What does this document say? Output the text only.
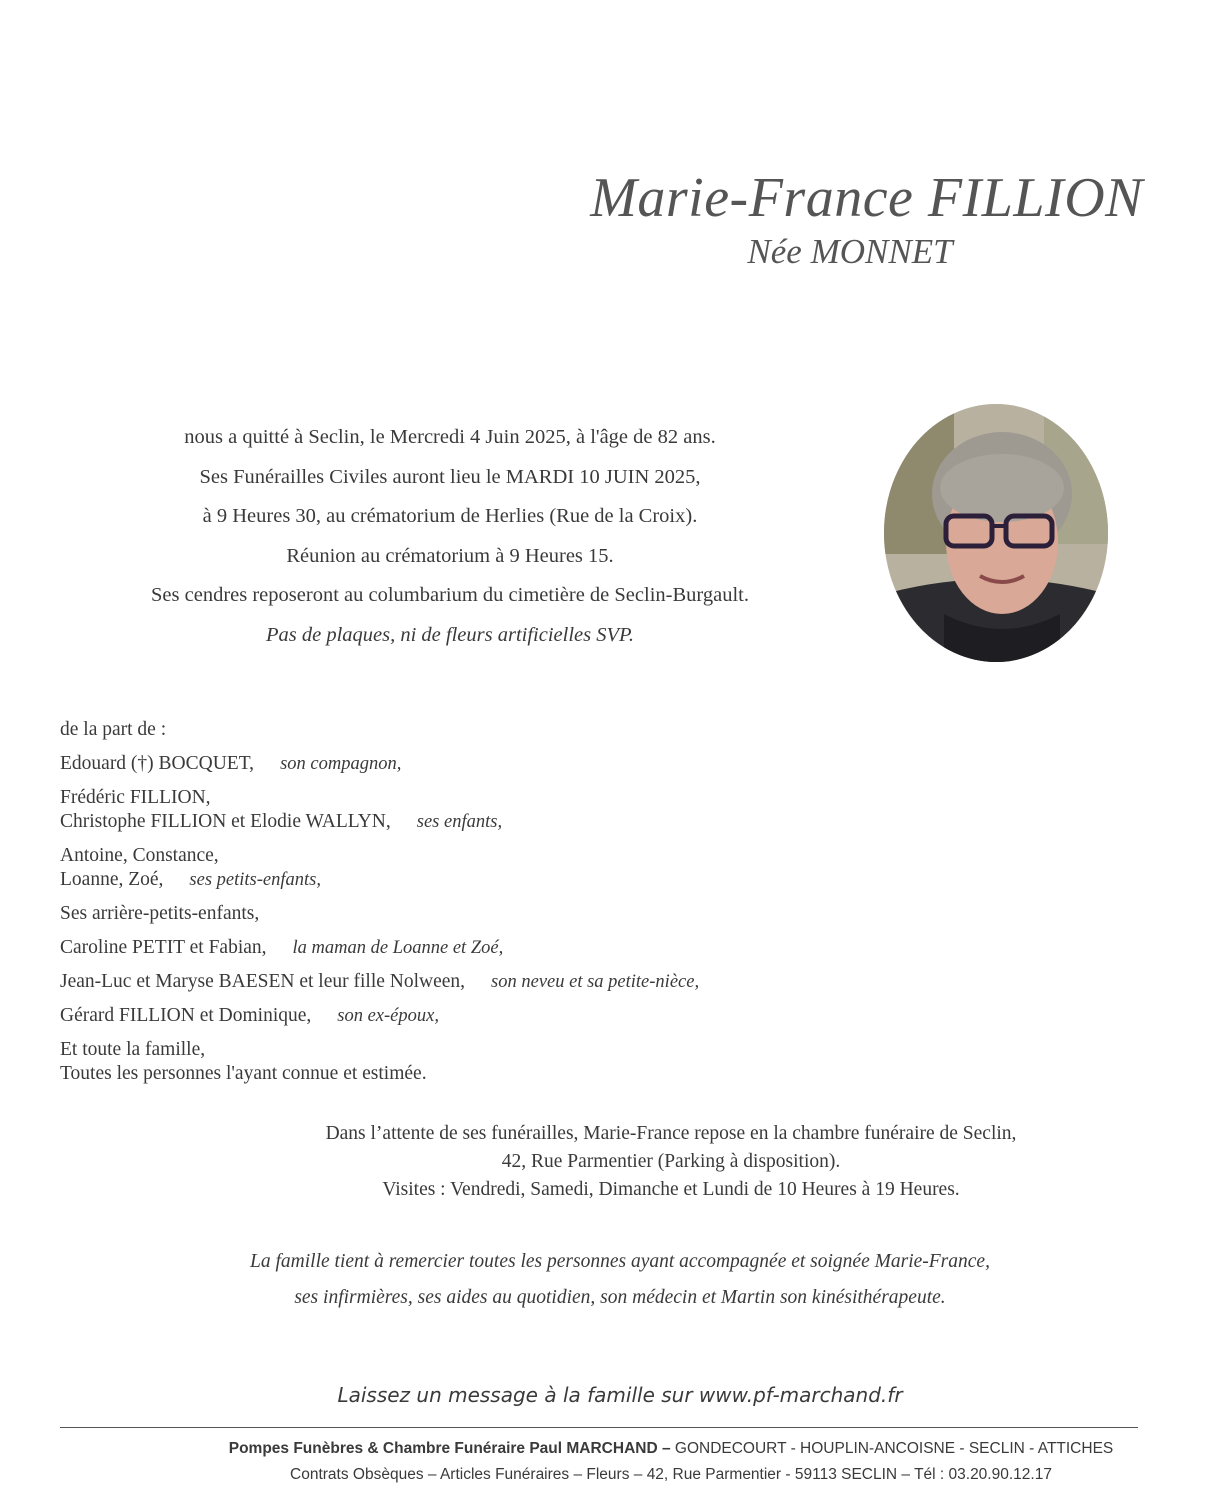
Marie-France FILLION
Née MONNET
nous a quitté à Seclin, le Mercredi 4 Juin 2025, à l'âge de 82 ans.
Ses Funérailles Civiles auront lieu le MARDI 10 JUIN 2025,
à 9 Heures 30, au crématorium de Herlies (Rue de la Croix).
Réunion au crématorium à 9 Heures 15.
Ses cendres reposeront au columbarium du cimetière de Seclin-Burgault.
Pas de plaques, ni de fleurs artificielles SVP.
de la part de :
Edouard (†) BOCQUET, son compagnon,
Frédéric FILLION,
Christophe FILLION et Elodie WALLYN, ses enfants,
Antoine, Constance,
Loanne, Zoé, ses petits-enfants,
Ses arrière-petits-enfants,
Caroline PETIT et Fabian, la maman de Loanne et Zoé,
Jean-Luc et Maryse BAESEN et leur fille Nolween, son neveu et sa petite-nièce,
Gérard FILLION et Dominique, son ex-époux,
Et toute la famille,
Toutes les personnes l'ayant connue et estimée.
Dans l’attente de ses funérailles, Marie-France repose en la chambre funéraire de Seclin,
42, Rue Parmentier (Parking à disposition).
Visites : Vendredi, Samedi, Dimanche et Lundi de 10 Heures à 19 Heures.
La famille tient à remercier toutes les personnes ayant accompagnée et soignée Marie-France,
ses infirmières, ses aides au quotidien, son médecin et Martin son kinésithérapeute.
Laissez un message à la famille sur www.pf-marchand.fr
Pompes Funèbres & Chambre Funéraire Paul MARCHAND – GONDECOURT - HOUPLIN-ANCOISNE - SECLIN - ATTICHES
Contrats Obsèques – Articles Funéraires – Fleurs – 42, Rue Parmentier - 59113 SECLIN – Tél : 03.20.90.12.17
